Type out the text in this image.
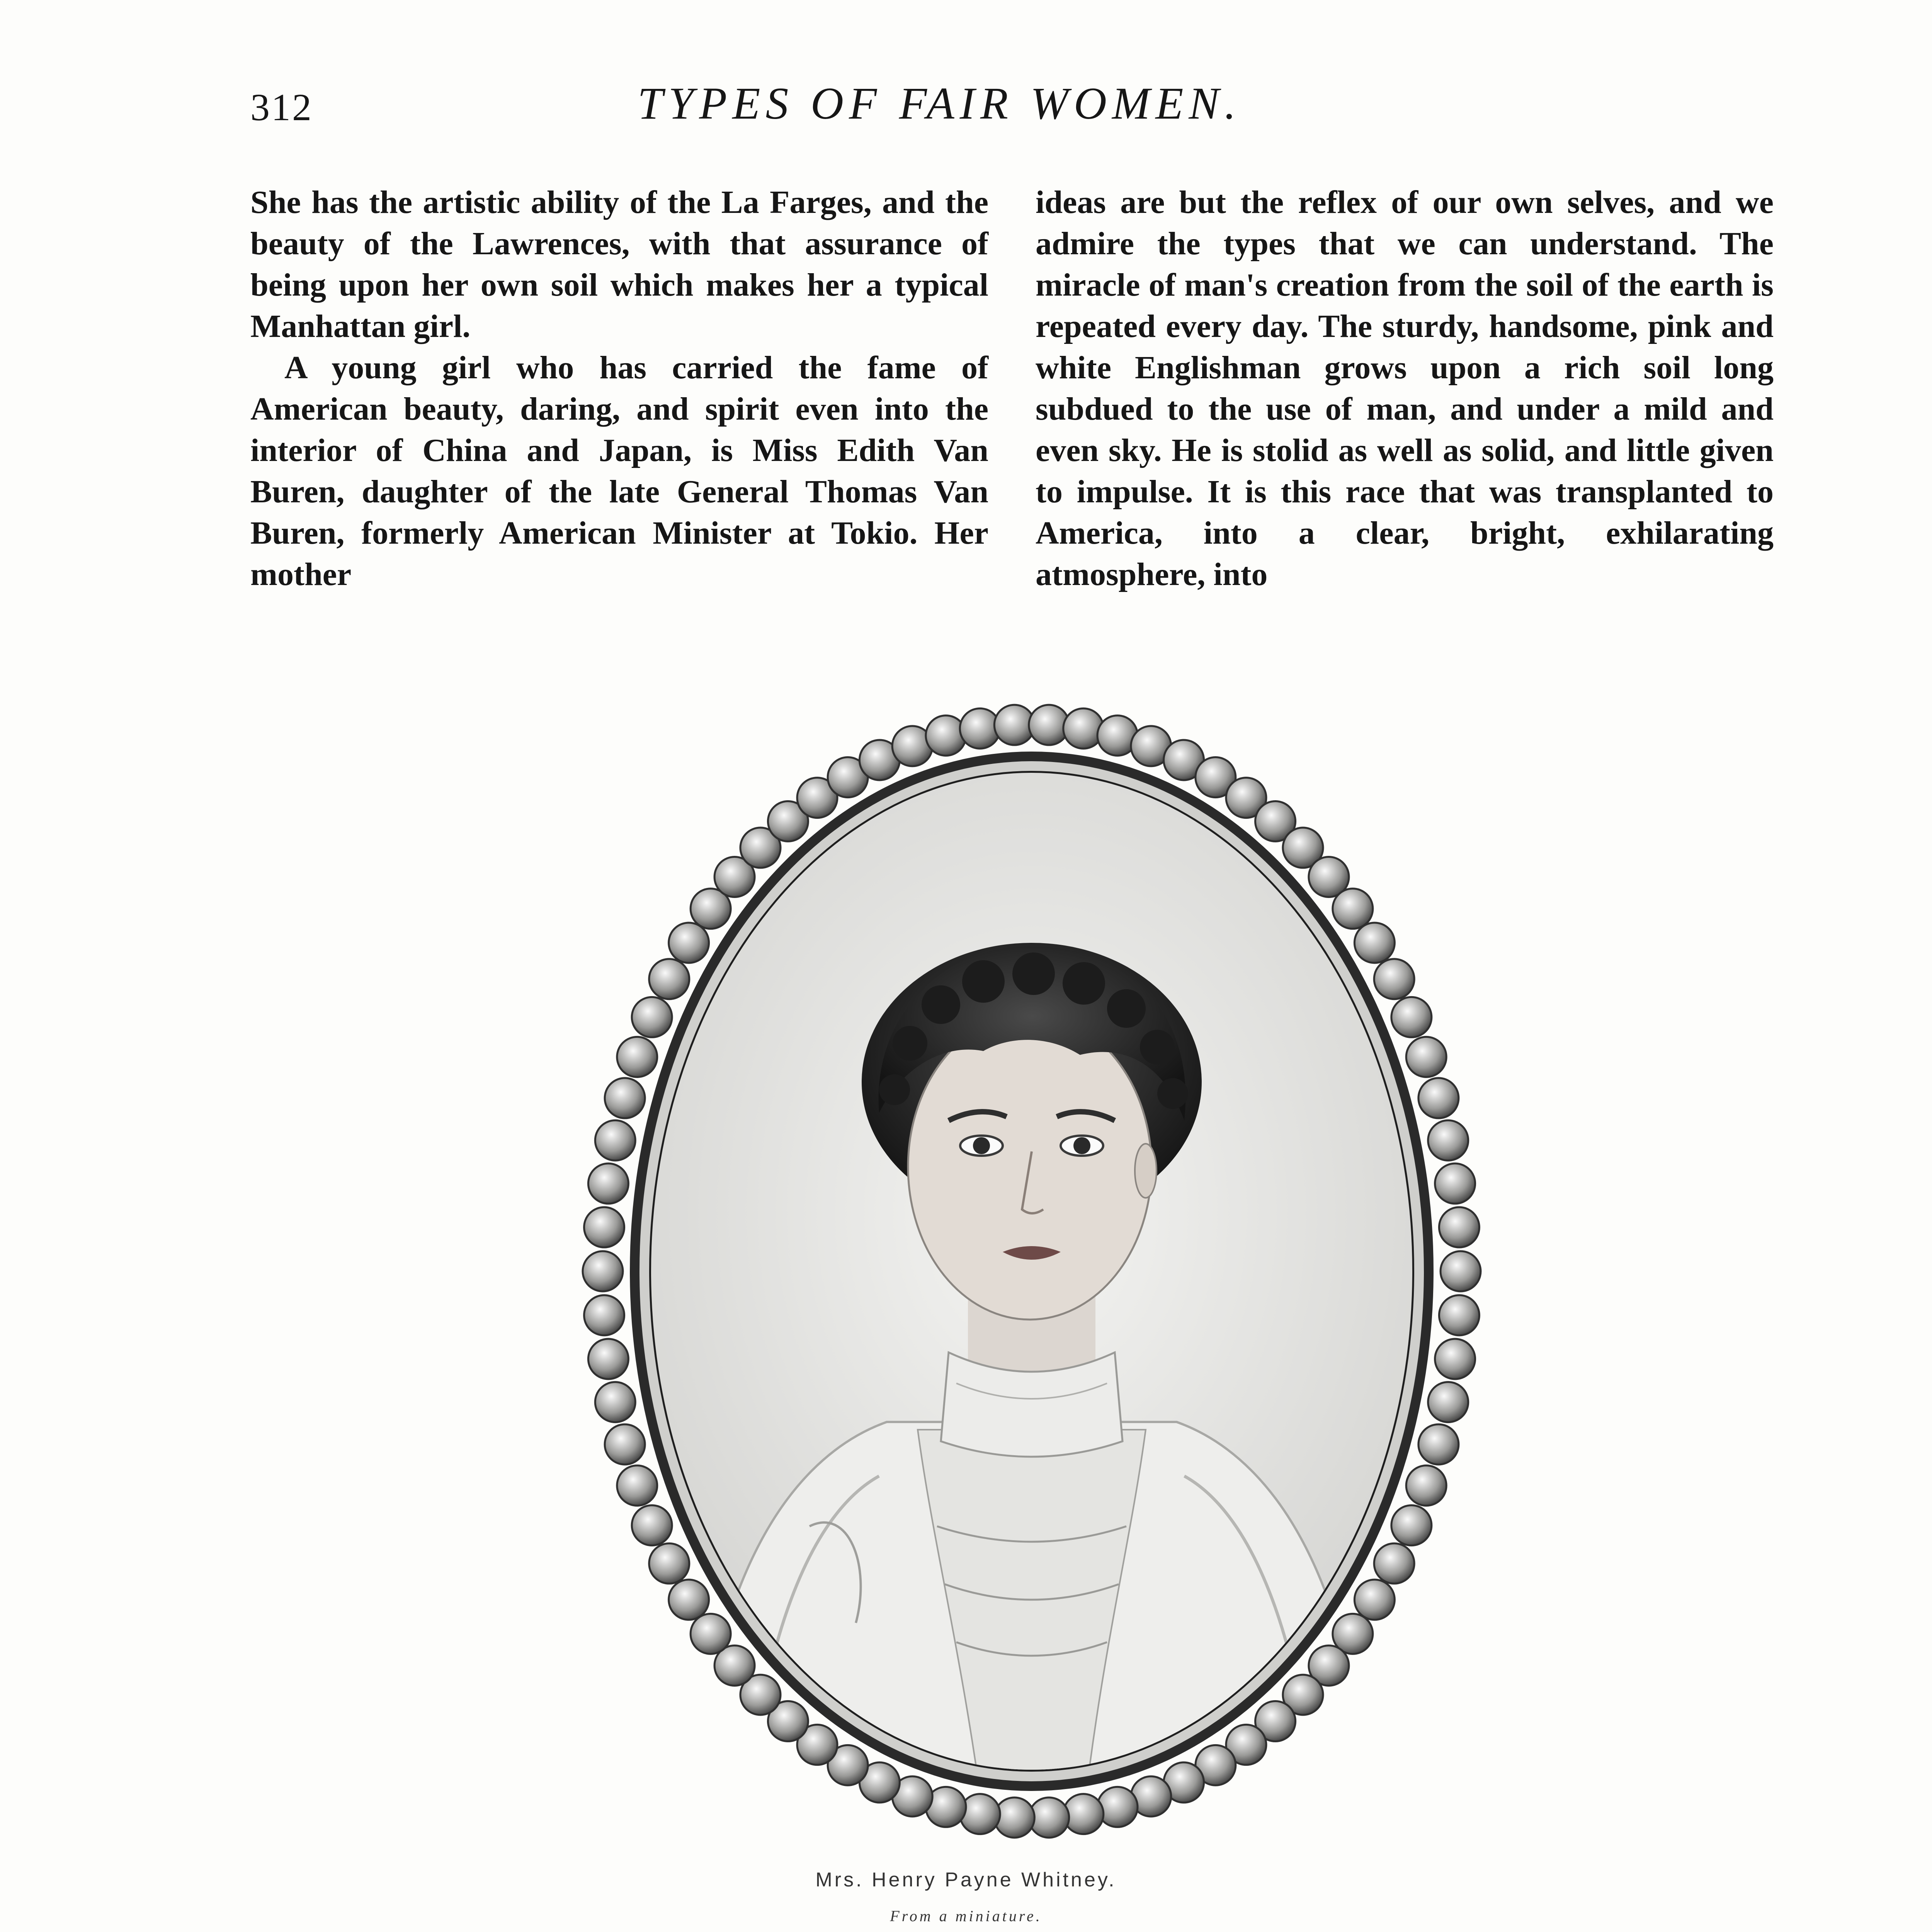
312	TYPES OF FAIR WOMEN.

She has the artistic ability of the La Farges, and the beauty of the Lawrences, with that assurance of being upon her own soil which makes her a typical Manhattan girl.

A young girl who has carried the fame of American beauty, daring, and spirit even into the interior of China and Japan, is Miss Edith Van Buren, daughter of the late General Thomas Van Buren, formerly American Minister at Tokio. Her mother

ideas are but the reflex of our own selves, and we admire the types that we can understand. The miracle of man's creation from the soil of the earth is repeated every day. The sturdy, handsome, pink and white Englishman grows upon a rich soil long subdued to the use of man, and under a mild and even sky. He is stolid as well as solid, and little given to impulse. It is this race that was transplanted to America, into a clear, bright, exhilarating atmosphere, into

Mrs. Henry Payne Whitney.
From a miniature.
